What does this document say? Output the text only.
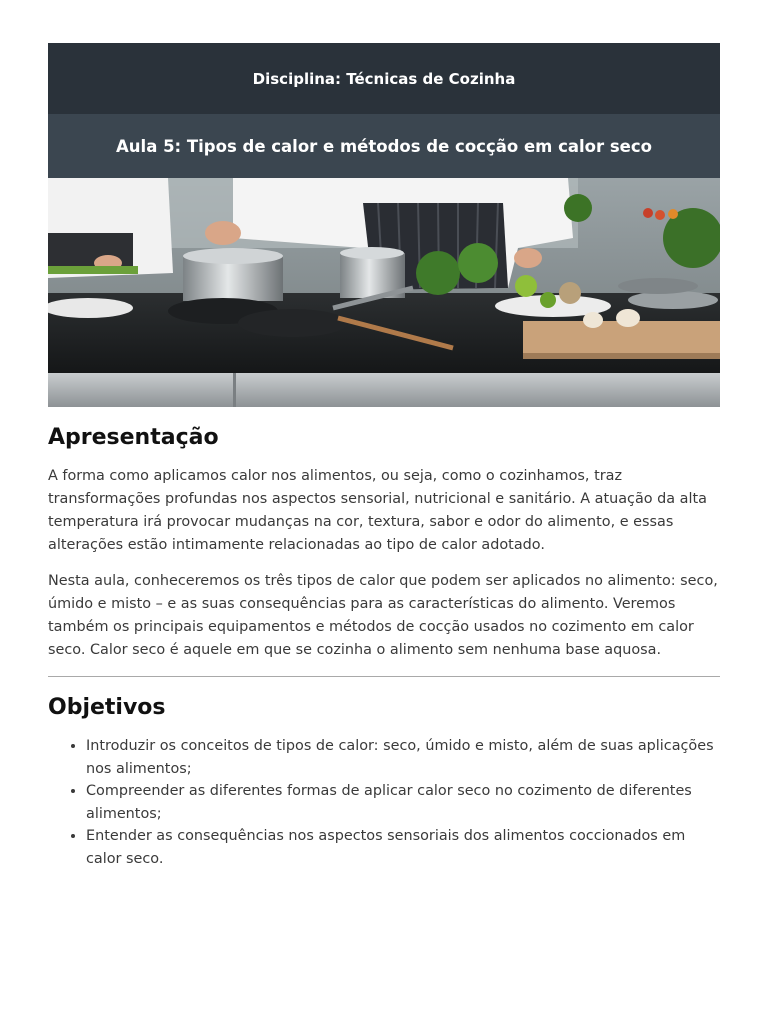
Disciplina: Técnicas de Cozinha
Aula 5: Tipos de calor e métodos de cocção em calor seco
Apresentação

A forma como aplicamos calor nos alimentos, ou seja, como o cozinhamos, traz transformações profundas nos aspectos sensorial, nutricional e sanitário. A atuação da alta temperatura irá provocar mudanças na cor, textura, sabor e odor do alimento, e essas alterações estão intimamente relacionadas ao tipo de calor adotado.

Nesta aula, conheceremos os três tipos de calor que podem ser aplicados no alimento: seco, úmido e misto – e as suas consequências para as características do alimento. Veremos também os principais equipamentos e métodos de cocção usados no cozimento em calor seco. Calor seco é aquele em que se cozinha o alimento sem nenhuma base aquosa.

Objetivos
• Introduzir os conceitos de tipos de calor: seco, úmido e misto, além de suas aplicações nos alimentos;
• Compreender as diferentes formas de aplicar calor seco no cozimento de diferentes alimentos;
• Entender as consequências nos aspectos sensoriais dos alimentos coccionados em calor seco.
